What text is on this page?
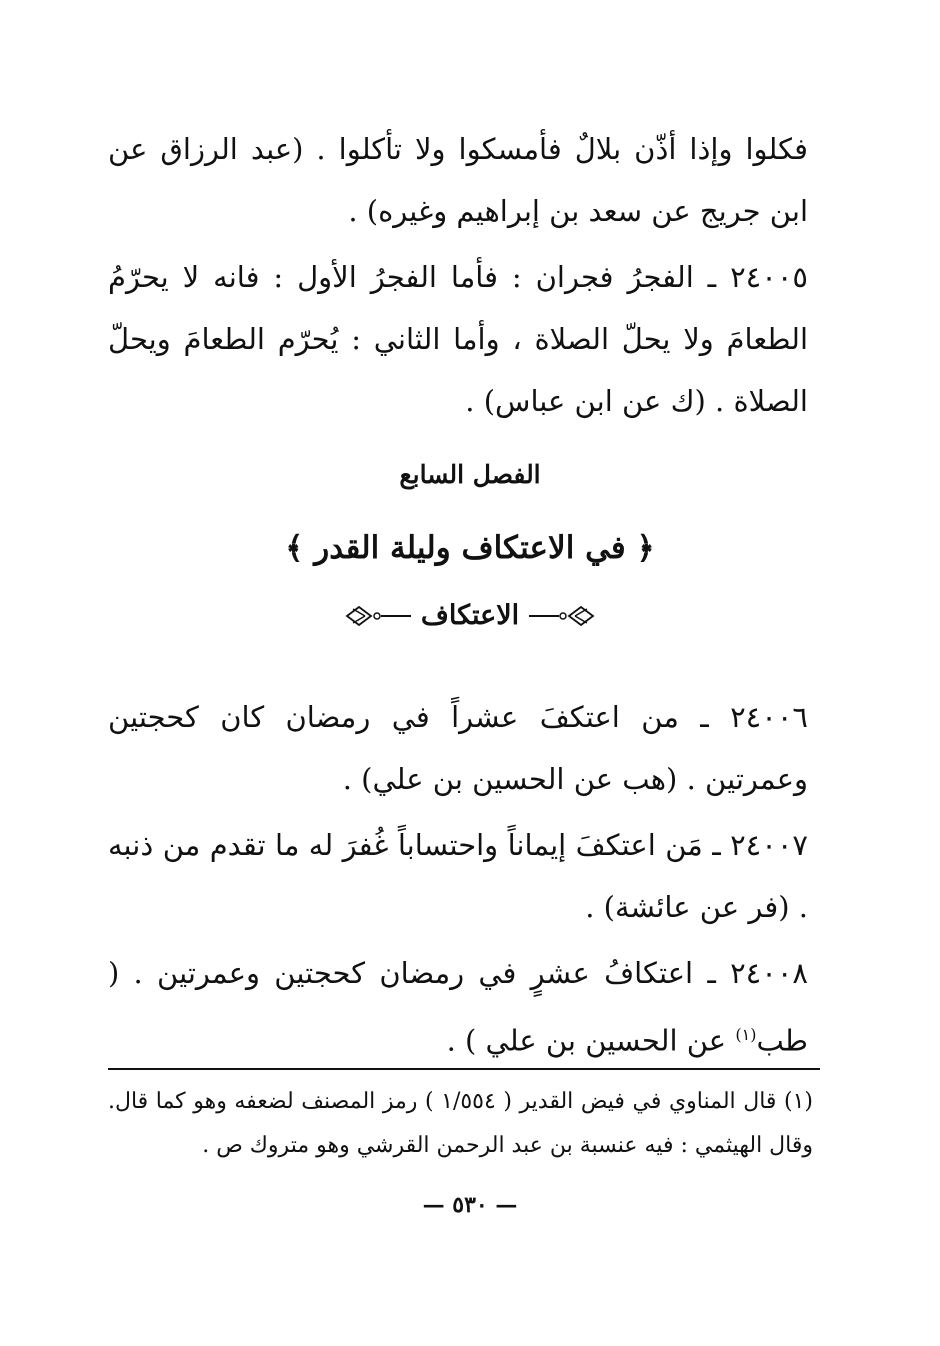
فكلوا وإذا أذّن بلالٌ فأمسكوا ولا تأكلوا . (عبد الرزاق عن ابن جريج عن سعد بن إبراهيم وغيره) .
٢٤٠٠٥ ـ الفجرُ فجران : فأما الفجرُ الأول : فانه لا يحرّمُ الطعامَ ولا يحلّ الصلاة ، وأما الثاني : يُحرّم الطعامَ ويحلّ الصلاة . (ك عن ابن عباس) .
الفصل السابع
﴿ في الاعتكاف وليلة القدر ﴾
الاعتكاف
٢٤٠٠٦ ـ من اعتكفَ عشراً في رمضان كان كحجتين وعمرتين . (هب عن الحسين بن علي) .
٢٤٠٠٧ ـ مَن اعتكفَ إيماناً واحتساباً غُفرَ له ما تقدم من ذنبه . (فر عن عائشة) .
٢٤٠٠٨ ـ اعتكافُ عشرٍ في رمضان كحجتين وعمرتين . ( طب$^{(١)}$ عن الحسين بن علي ) .
(١) قال المناوي في فيض القدير ( ١/٥٥٤ ) رمز المصنف لضعفه وهو كما قال. وقال الهيثمي : فيه عنسبة بن عبد الرحمن القرشي وهو متروك ص .
— ٥٣٠ —
